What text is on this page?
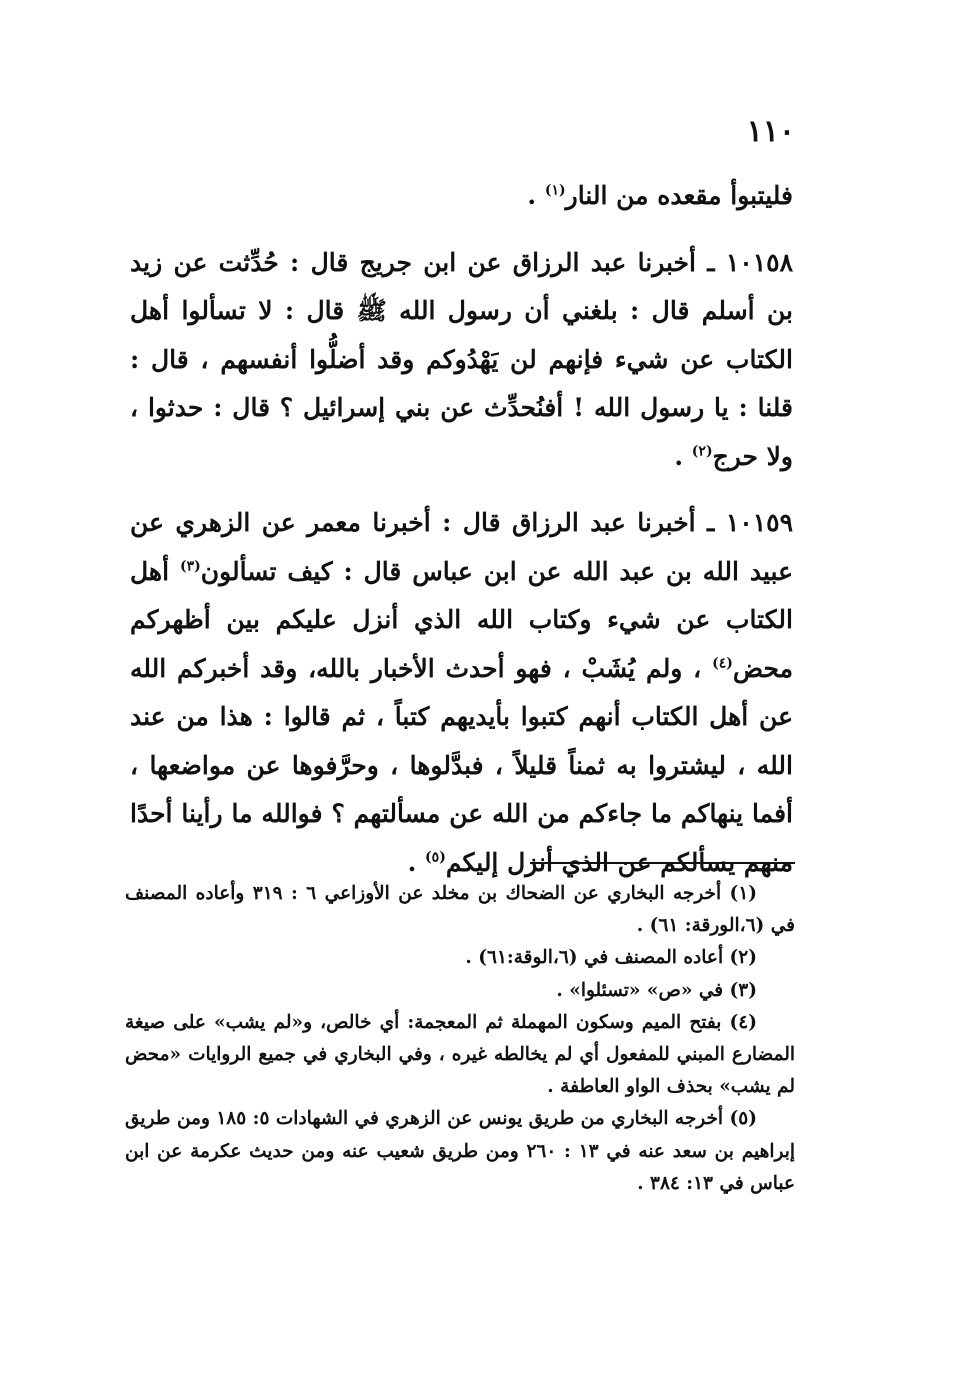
١١٠

فليتبوأ مقعده من النار$^{(١)}$ .

١٠١٥٨ ـ أخبرنا عبد الرزاق عن ابن جريج قال : حُدِّثت عن زيد بن أسلم قال : بلغني أن رسول الله ﷺ قال : لا تسألوا أهل الكتاب عن شيء فإنهم لن يَهْدُوكم وقد أضلُّوا أنفسهم ، قال : قلنا : يا رسول الله ! أفنُحدِّث عن بني إسرائيل ؟ قال : حدثوا ، ولا حرج$^{(٢)}$ .

١٠١٥٩ ـ أخبرنا عبد الرزاق قال : أخبرنا معمر عن الزهري عن عبيد الله بن عبد الله عن ابن عباس قال : كيف تسألون$^{(٣)}$ أهل الكتاب عن شيء وكتاب الله الذي أنزل عليكم بين أظهركم محض$^{(٤)}$ ، ولم يُشَبْ ، فهو أحدث الأخبار بالله، وقد أخبركم الله عن أهل الكتاب أنهم كتبوا بأيديهم كتباً ، ثم قالوا : هذا من عند الله ، ليشتروا به ثمناً قليلاً ، فبدَّلوها ، وحرَّفوها عن مواضعها ، أفما ينهاكم ما جاءكم من الله عن مسألتهم ؟ فوالله ما رأينا أحدًا منهم يسألكم عن الذي أنزل إليكم$^{(٥)}$ .

(١) أخرجه البخاري عن الضحاك بن مخلد عن الأوزاعي ٦ : ٣١٩ وأعاده المصنف في (٦،الورقة: ٦١) .

(٢) أعاده المصنف في (٦،الوقة:٦١) .

(٣) في «ص» «تسئلوا» .

(٤) بفتح الميم وسكون المهملة ثم المعجمة: أي خالص، و«لم يشب» على صيغة المضارع المبني للمفعول أي لم يخالطه غيره ، وفي البخاري في جميع الروايات «محض لم يشب» بحذف الواو العاطفة .

(٥) أخرجه البخاري من طريق يونس عن الزهري في الشهادات ٥: ١٨٥ ومن طريق إبراهيم بن سعد عنه في ١٣ : ٢٦٠ ومن طريق شعيب عنه ومن حديث عكرمة عن ابن عباس في ١٣: ٣٨٤ .
